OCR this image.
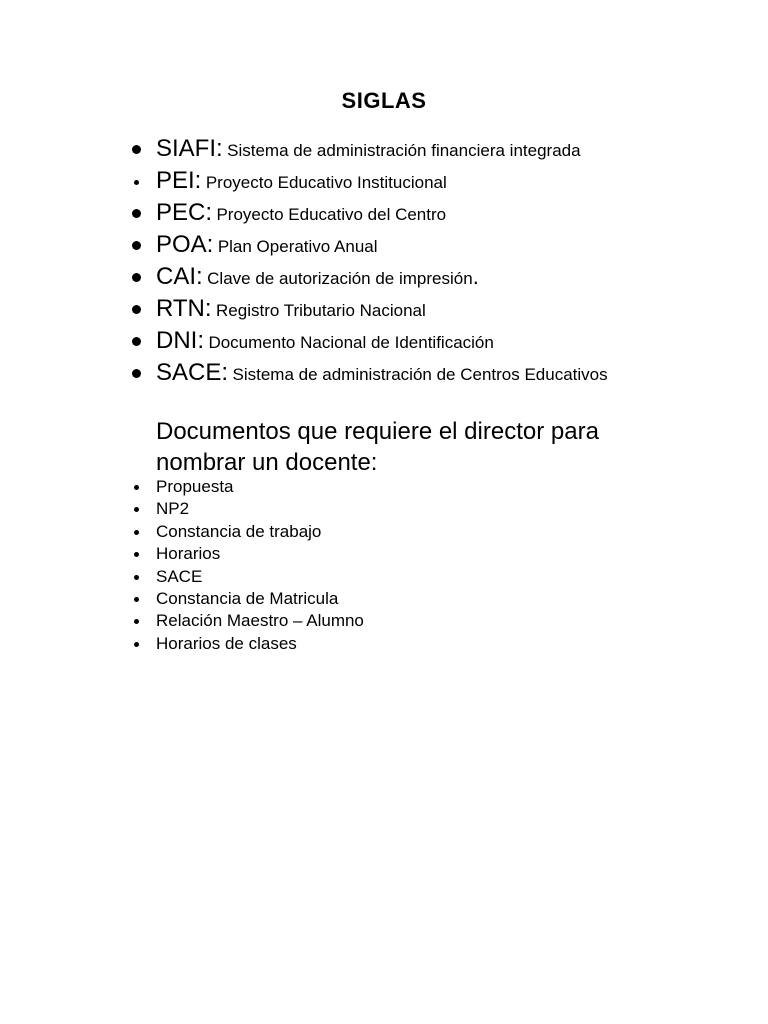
SIGLAS
SIAFI: Sistema de administración financiera integrada
PEI: Proyecto Educativo Institucional
PEC: Proyecto Educativo del Centro
POA: Plan Operativo Anual
CAI: Clave de autorización de impresión.
RTN: Registro Tributario Nacional
DNI: Documento Nacional de Identificación
SACE: Sistema de administración de Centros Educativos
Documentos que requiere el director para nombrar un docente:
Propuesta
NP2
Constancia de trabajo
Horarios
SACE
Constancia de Matricula
Relación Maestro – Alumno
Horarios de clases
